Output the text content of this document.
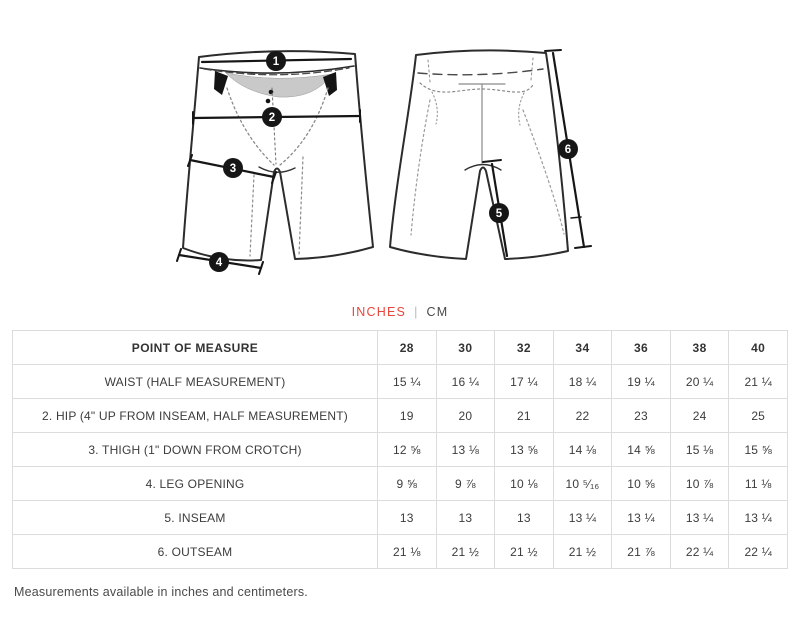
1
2
3
4
5
6
INCHES | CM
POINT OF MEASURE	28	30	32	34	36	38	40
WAIST (HALF MEASUREMENT)	15 ¼	16 ¼	17 ¼	18 ¼	19 ¼	20 ¼	21 ¼
2. HIP (4" UP FROM INSEAM, HALF MEASUREMENT)	19	20	21	22	23	24	25
3. THIGH (1" DOWN FROM CROTCH)	12 ⅝	13 ⅛	13 ⅝	14 ⅛	14 ⅝	15 ⅛	15 ⅝
4. LEG OPENING	9 ⅝	9 ⅞	10 ⅛	10 ⁵⁄₁₆	10 ⅝	10 ⅞	11 ⅛
5. INSEAM	13	13	13	13 ¼	13 ¼	13 ¼	13 ¼
6. OUTSEAM	21 ⅛	21 ½	21 ½	21 ½	21 ⅞	22 ¼	22 ¼

Measurements available in inches and centimeters.
